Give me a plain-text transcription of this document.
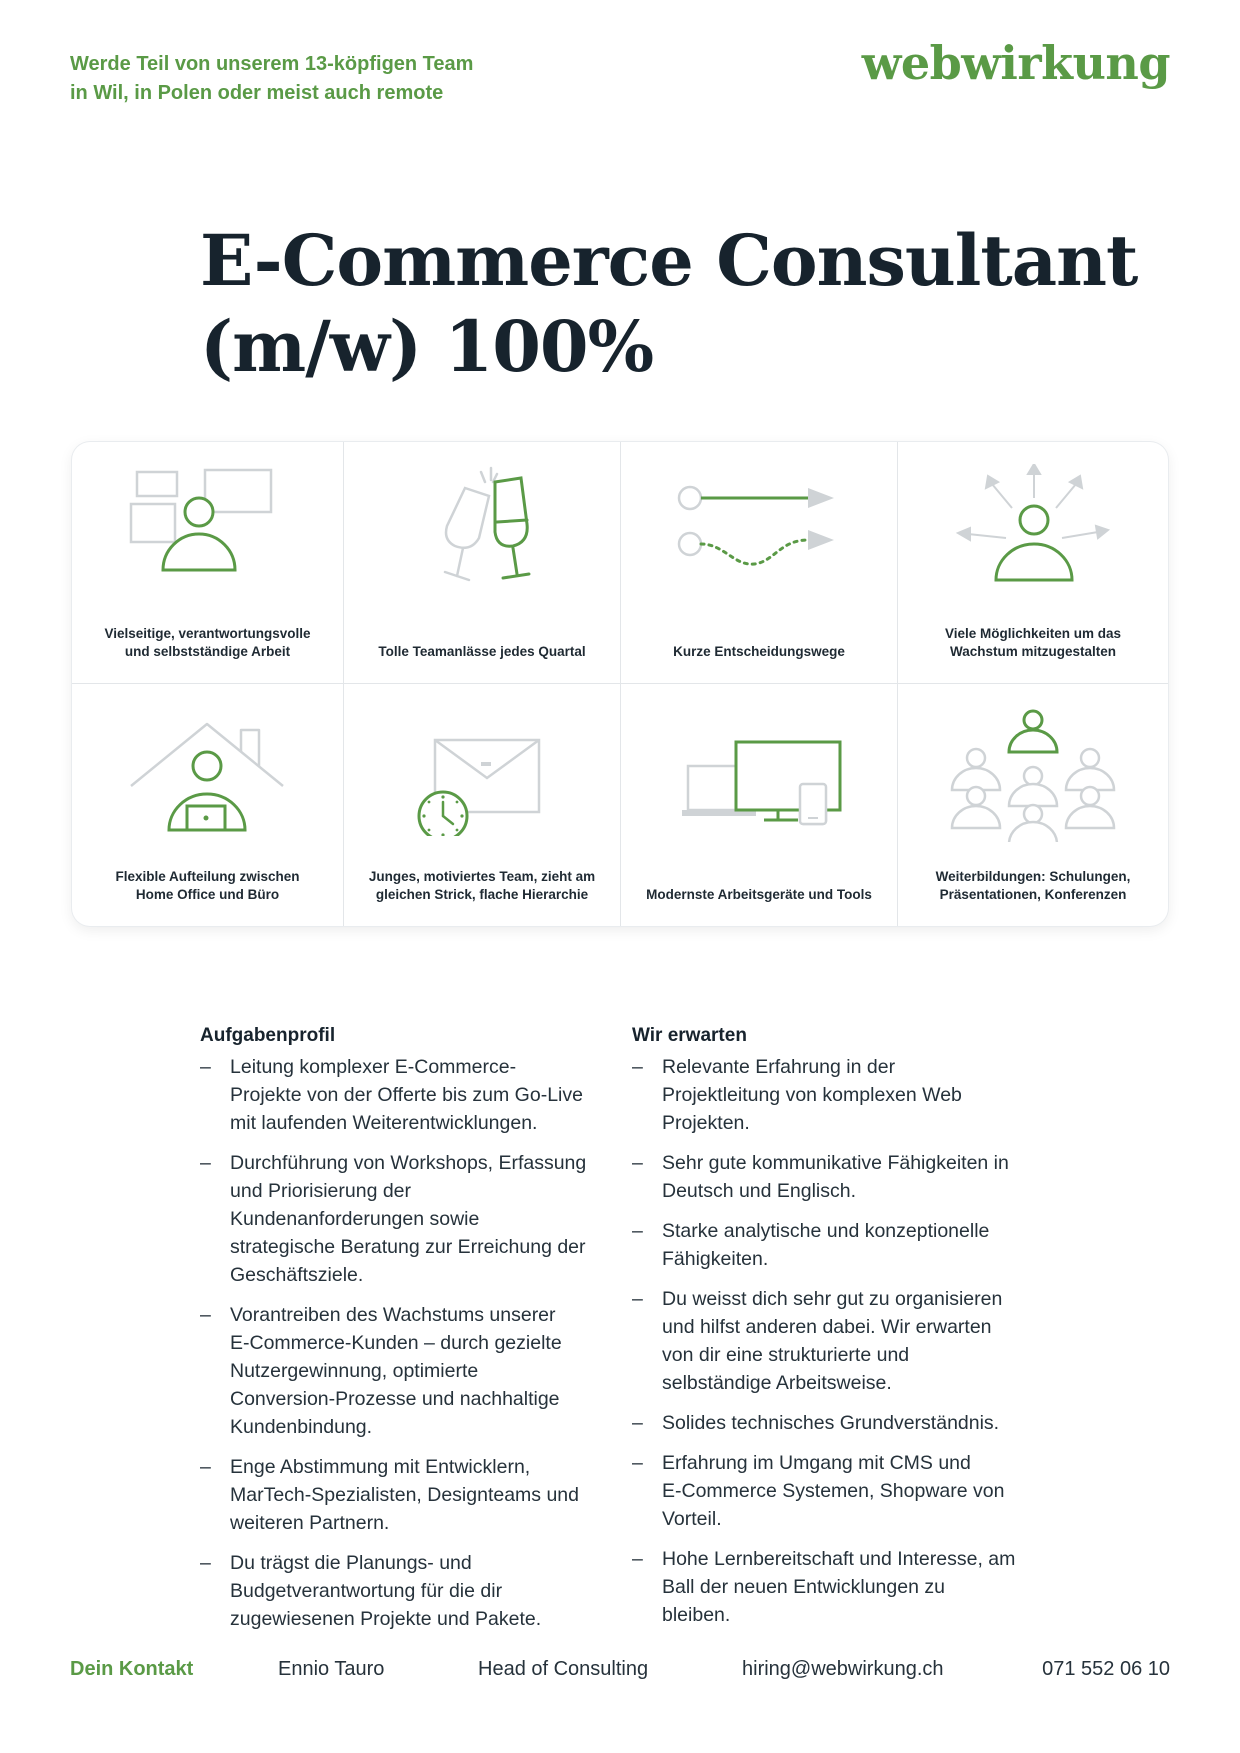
Werde Teil von unserem 13-köpfigen Team
in Wil, in Polen oder meist auch remote
webwirkung
E-Commerce Consultant
(m/w) 100%
Vielseitige, verantwortungsvolle
und selbstständige Arbeit	Tolle Teamanlässe jedes Quartal	Kurze Entscheidungswege
Viele Möglichkeiten um das
Wachstum mitzugestalten
Flexible Aufteilung zwischen
Home Office und Büro
Junges, motiviertes Team, zieht am
gleichen Strick, flache Hierarchie	Modernste Arbeitsgeräte und Tools
Weiterbildungen: Schulungen,
Präsentationen, Konferenzen
Aufgabenprofil
– Leitung komplexer E-Commerce-
Projekte von der Offerte bis zum Go-Live
mit laufenden Weiterentwicklungen.
– Durchführung von Workshops, Erfassung
und Priorisierung der
Kundenanforderungen sowie
strategische Beratung zur Erreichung der
Geschäftsziele.
– Vorantreiben des Wachstums unserer
E-Commerce-Kunden – durch gezielte
Nutzergewinnung, optimierte
Conversion-Prozesse und nachhaltige
Kundenbindung.
– Enge Abstimmung mit Entwicklern,
MarTech-Spezialisten, Designteams und
weiteren Partnern.
– Du trägst die Planungs- und
Budgetverantwortung für die dir
zugewiesenen Projekte und Pakete.
Wir erwarten
– Relevante Erfahrung in der
Projektleitung von komplexen Web
Projekten.
– Sehr gute kommunikative Fähigkeiten in
Deutsch und Englisch.
– Starke analytische und konzeptionelle
Fähigkeiten.
– Du weisst dich sehr gut zu organisieren
und hilfst anderen dabei. Wir erwarten
von dir eine strukturierte und
selbständige Arbeitsweise.
– Solides technisches Grundverständnis.
– Erfahrung im Umgang mit CMS und
E-Commerce Systemen, Shopware von
Vorteil.
– Hohe Lernbereitschaft und Interesse, am
Ball der neuen Entwicklungen zu
bleiben.
Dein Kontakt	Ennio Tauro	Head of Consulting	hiring@webwirkung.ch	071 552 06 10
